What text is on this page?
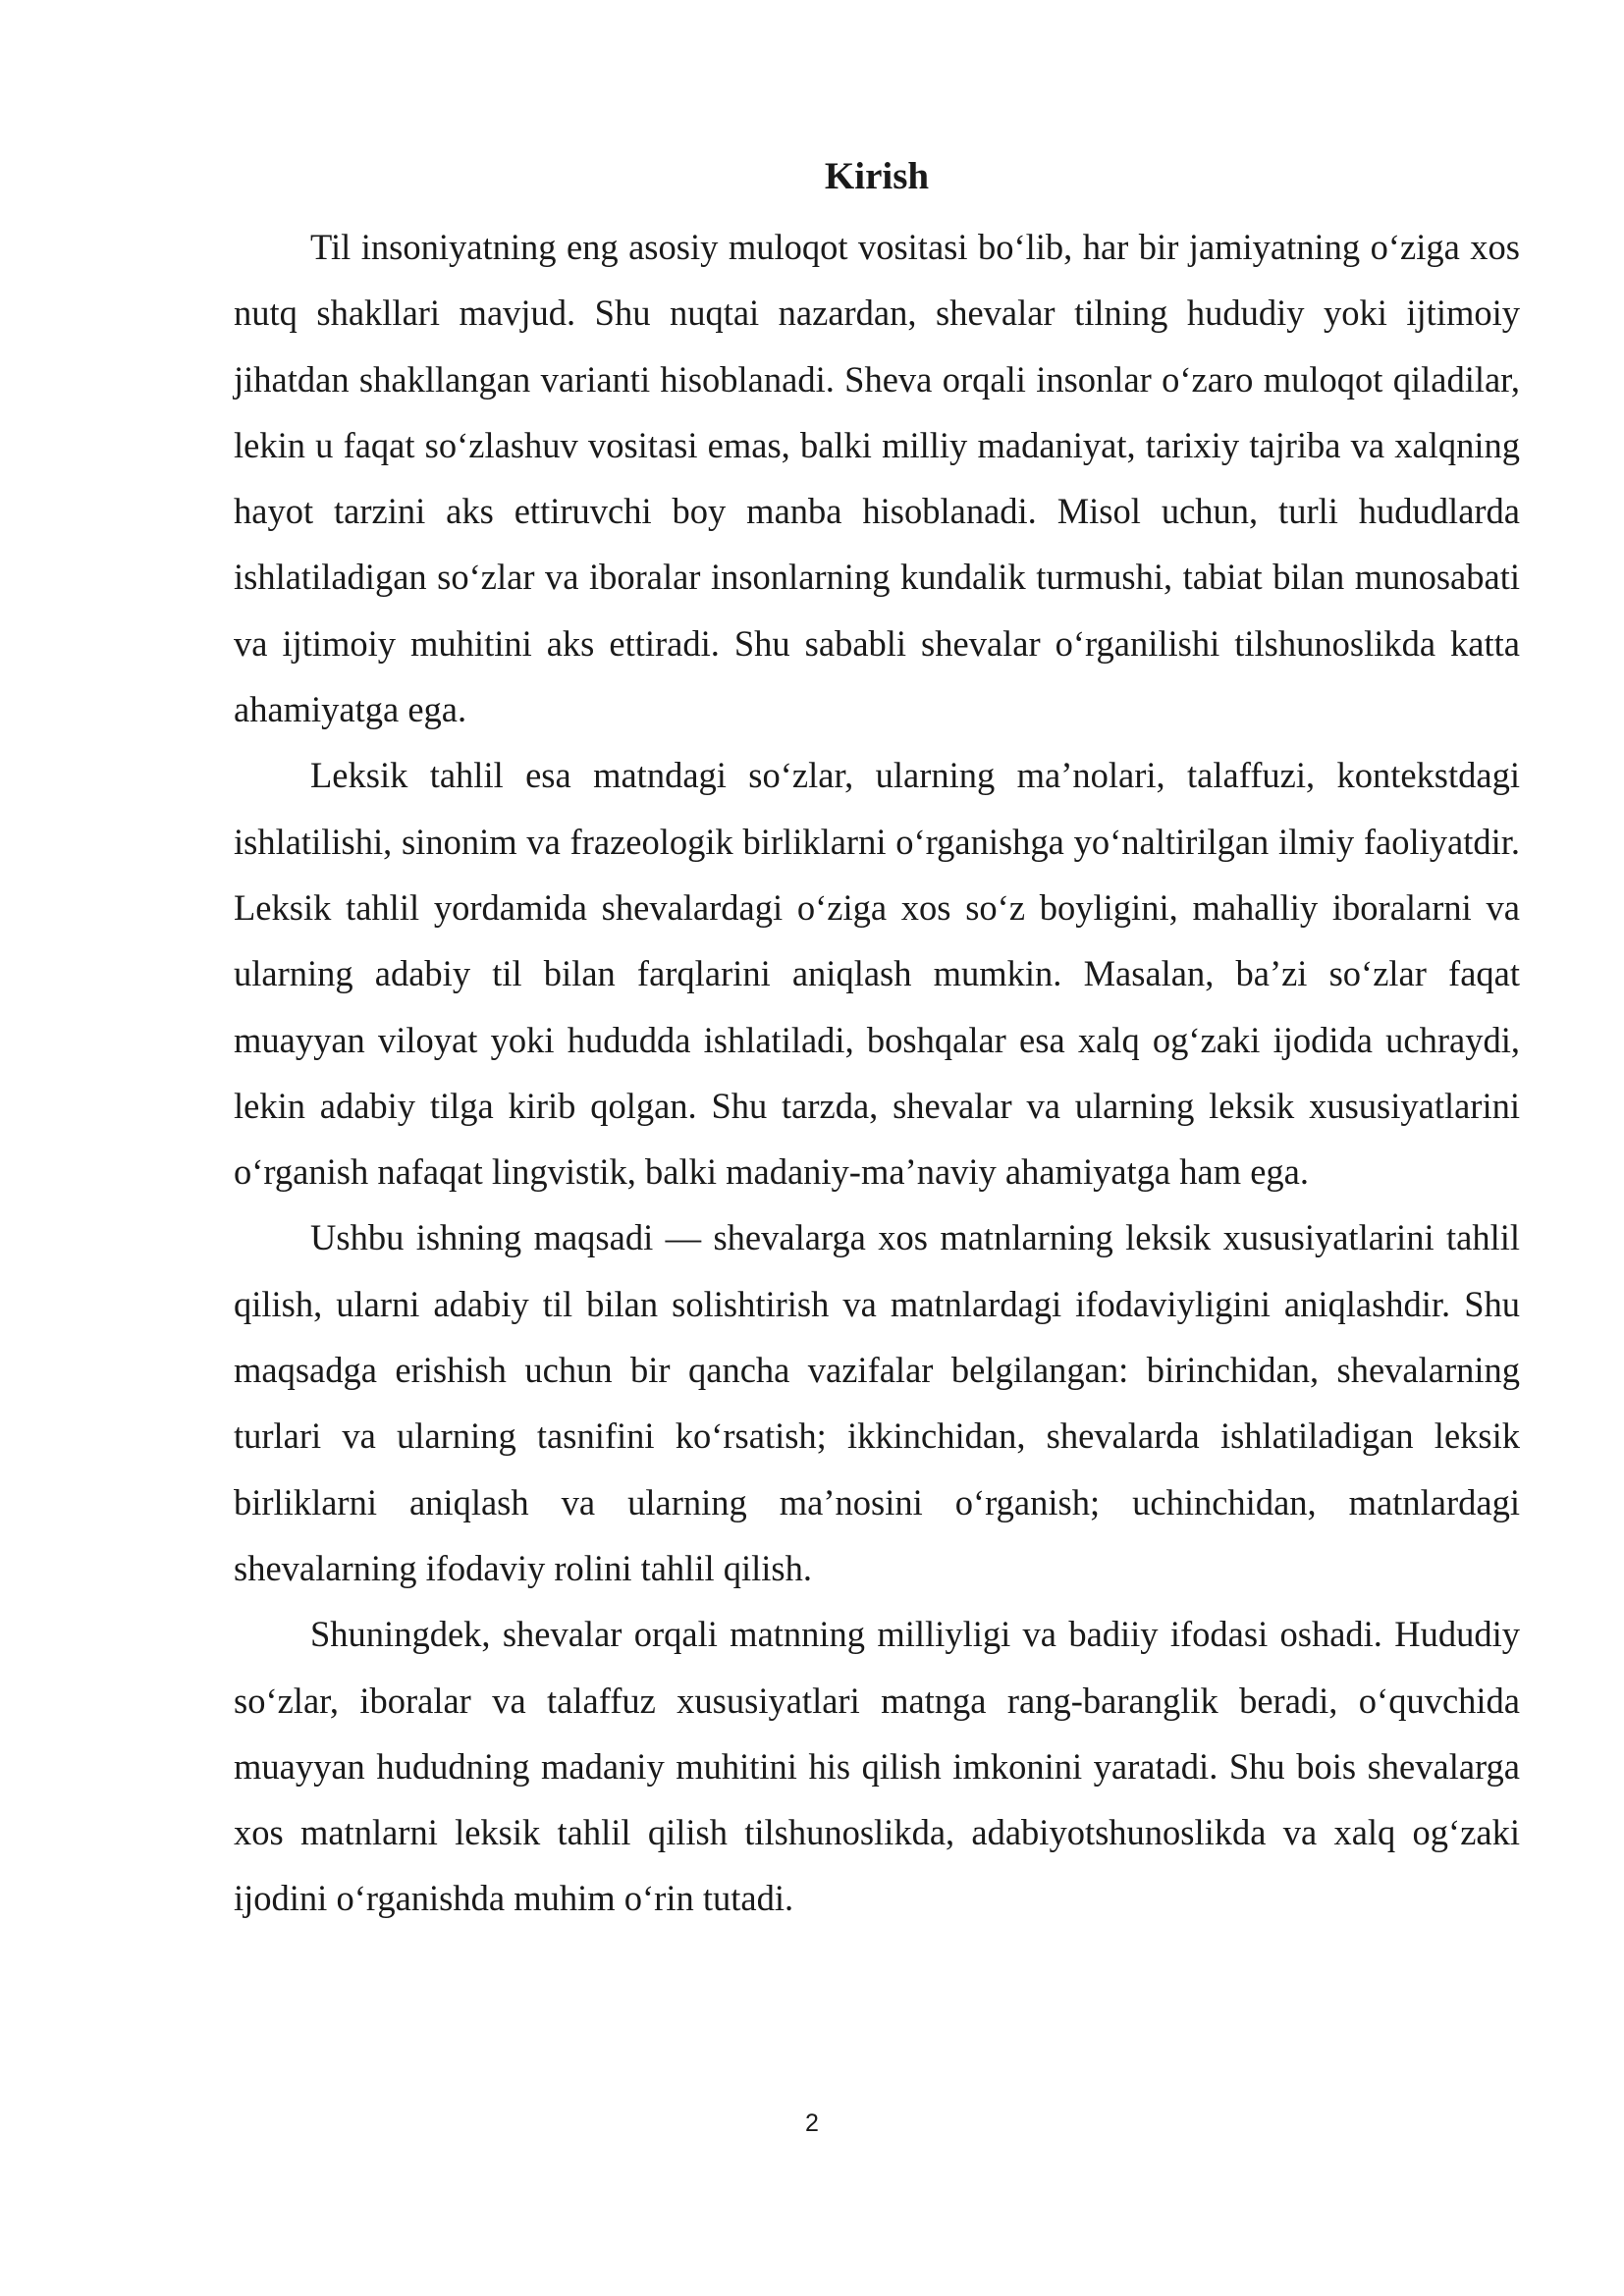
Kirish

Til insoniyatning eng asosiy muloqot vositasi bo‘lib, har bir jamiyatning o‘ziga xos nutq shakllari mavjud. Shu nuqtai nazardan, shevalar tilning hududiy yoki ijtimoiy jihatdan shakllangan varianti hisoblanadi. Sheva orqali insonlar o‘zaro muloqot qiladilar, lekin u faqat so‘zlashuv vositasi emas, balki milliy madaniyat, tarixiy tajriba va xalqning hayot tarzini aks ettiruvchi boy manba hisoblanadi. Misol uchun, turli hududlarda ishlatiladigan so‘zlar va iboralar insonlarning kundalik turmushi, tabiat bilan munosabati va ijtimoiy muhitini aks ettiradi. Shu sababli shevalar o‘rganilishi tilshunoslikda katta ahamiyatga ega.

Leksik tahlil esa matndagi so‘zlar, ularning ma’nolari, talaffuzi, kontekstdagi ishlatilishi, sinonim va frazeologik birliklarni o‘rganishga yo‘naltirilgan ilmiy faoliyatdir. Leksik tahlil yordamida shevalardagi o‘ziga xos so‘z boyligini, mahalliy iboralarni va ularning adabiy til bilan farqlarini aniqlash mumkin. Masalan, ba’zi so‘zlar faqat muayyan viloyat yoki hududda ishlatiladi, boshqalar esa xalq og‘zaki ijodida uchraydi, lekin adabiy tilga kirib qolgan. Shu tarzda, shevalar va ularning leksik xususiyatlarini o‘rganish nafaqat lingvistik, balki madaniy-ma’naviy ahamiyatga ham ega.

Ushbu ishning maqsadi — shevalarga xos matnlarning leksik xususiyatlarini tahlil qilish, ularni adabiy til bilan solishtirish va matnlardagi ifodaviyligini aniqlashdir. Shu maqsadga erishish uchun bir qancha vazifalar belgilangan: birinchidan, shevalarning turlari va ularning tasnifini ko‘rsatish; ikkinchidan, shevalarda ishlatiladigan leksik birliklarni aniqlash va ularning ma’nosini o‘rganish; uchinchidan, matnlardagi shevalarning ifodaviy rolini tahlil qilish.

Shuningdek, shevalar orqali matnning milliyligi va badiiy ifodasi oshadi. Hududiy so‘zlar, iboralar va talaffuz xususiyatlari matnga rang-baranglik beradi, o‘quvchida muayyan hududning madaniy muhitini his qilish imkonini yaratadi. Shu bois shevalarga xos matnlarni leksik tahlil qilish tilshunoslikda, adabiyotshunoslikda va xalq og‘zaki ijodini o‘rganishda muhim o‘rin tutadi.

2
